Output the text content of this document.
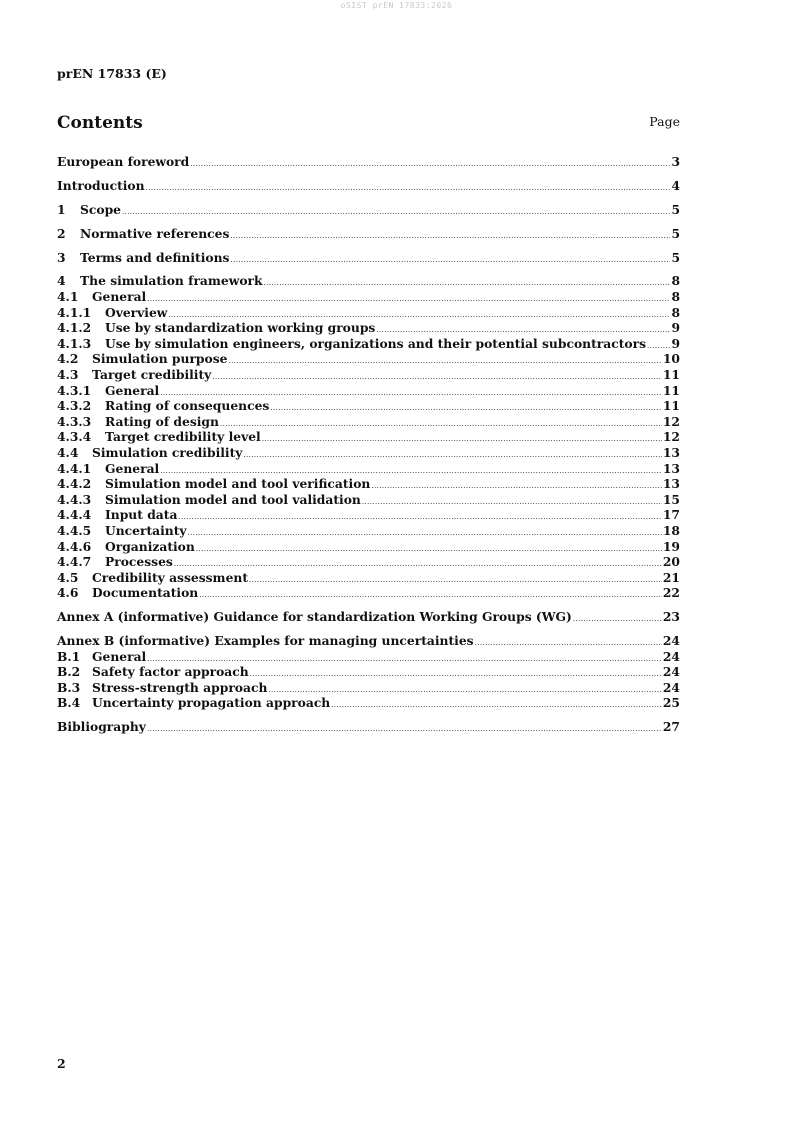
oSIST prEN 17833:2026
prEN 17833 (E)
Contents	Page
European foreword .....	3
Introduction .....	4
1	Scope .....	5
2	Normative references .....	5
3	Terms and definitions .....	5
4	The simulation framework .....	8
4.1	General .....	8
4.1.1	Overview .....	8
4.1.2	Use by standardization working groups .....	9
4.1.3	Use by simulation engineers, organizations and their potential subcontractors ..... 9
4.2	Simulation purpose .....	10
4.3	Target credibility .....	11
4.3.1	General .....	11
4.3.2	Rating of consequences .....	11
4.3.3	Rating of design .....	12
4.3.4	Target credibility level .....	12
4.4	Simulation credibility .....	13
4.4.1	General .....	13
4.4.2	Simulation model and tool verification .....	13
4.4.3	Simulation model and tool validation .....	15
4.4.4	Input data .....	17
4.4.5	Uncertainty .....	18
4.4.6	Organization .....	19
4.4.7	Processes .....	20
4.5	Credibility assessment .....	21
4.6	Documentation .....	22
Annex A (informative) Guidance for standardization Working Groups (WG) .....	23
Annex B (informative) Examples for managing uncertainties .....	24
B.1 General .....	24
B.2 Safety factor approach .....	24
B.3 Stress-strength approach .....	24
B.4 Uncertainty propagation approach .....	25
Bibliography .....	27
2
